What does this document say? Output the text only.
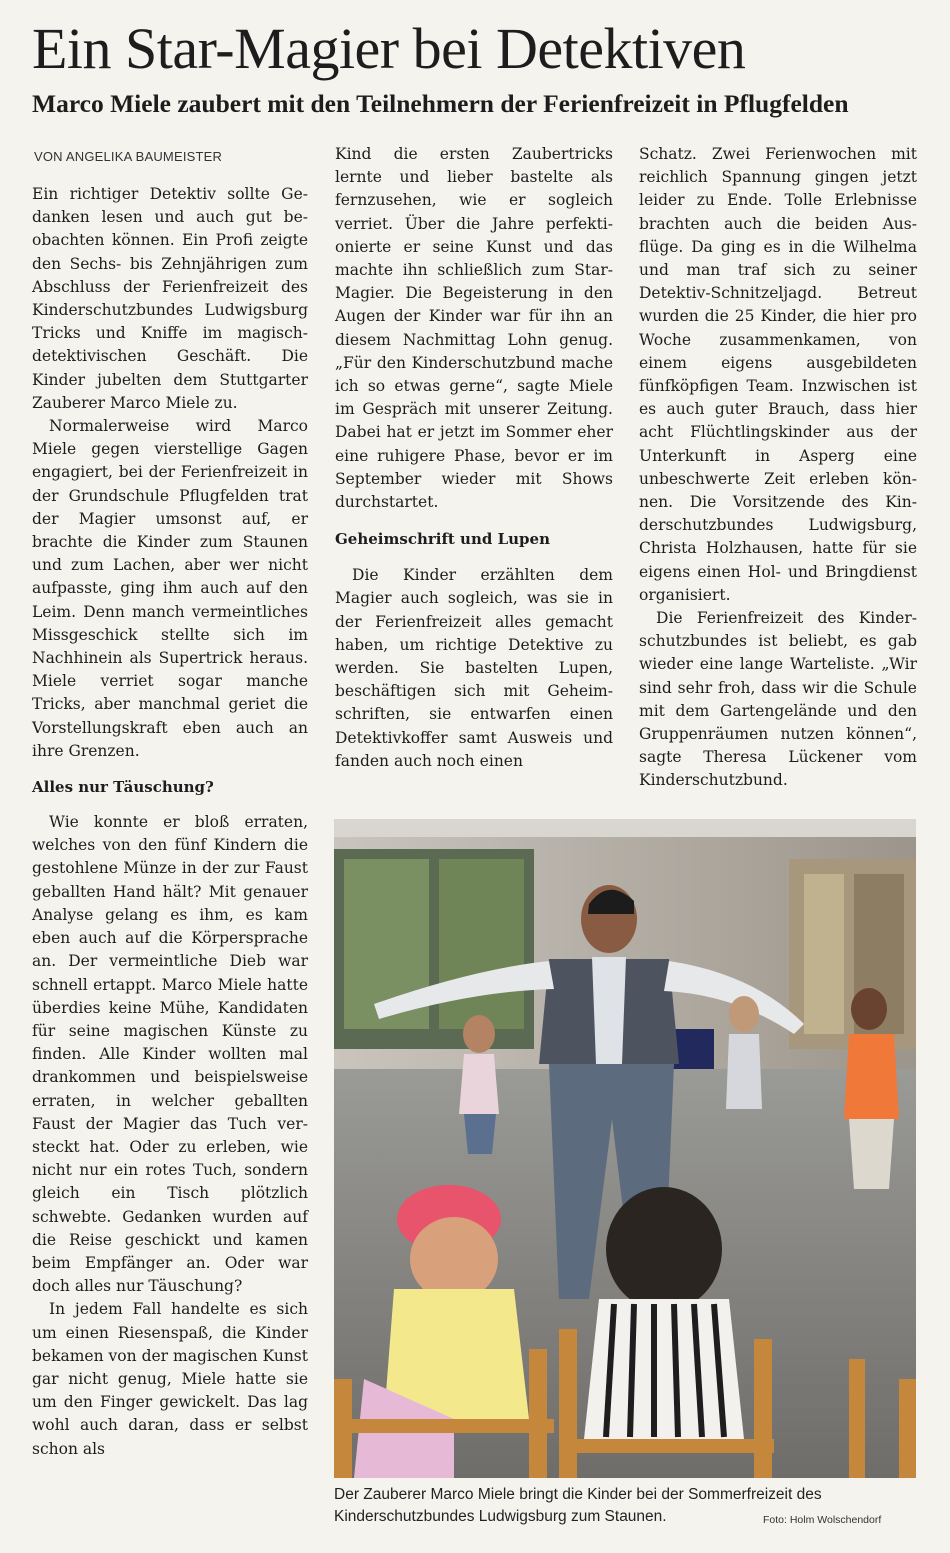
Ein Star-Magier bei Detektiven
Marco Miele zaubert mit den Teilnehmern der Ferienfreizeit in Pflugfelden
VON ANGELIKA BAUMEISTER

Ein richtiger Detektiv sollte Gedanken lesen und auch gut beobachten können. Ein Profi zeigte den Sechs- bis Zehnjährigen zum Abschluss der Ferienfreizeit des Kinderschutzbundes Ludwigsburg Tricks und Kniffe im magisch-detektivischen Geschäft. Die Kinder jubelten dem Stuttgarter Zauberer Marco Miele zu.

Normalerweise wird Marco Miele gegen vierstellige Gagen engagiert, bei der Ferienfreizeit in der Grundschule Pflugfelden trat der Magier umsonst auf, er brachte die Kinder zum Staunen und zum Lachen, aber wer nicht aufpasste, ging ihm auch auf den Leim. Denn manch vermeintliches Missgeschick stellte sich im Nachhinein als Supertrick heraus. Miele verriet sogar manche Tricks, aber manchmal geriet die Vorstellungskraft eben auch an ihre Grenzen.

Alles nur Täuschung?

Wie konnte er bloß erraten, welches von den fünf Kindern die gestohlene Münze in der zur Faust geballten Hand hält? Mit genauer Analyse gelang es ihm, es kam eben auch auf die Körpersprache an. Der vermeintliche Dieb war schnell ertappt. Marco Miele hatte überdies keine Mühe, Kandidaten für seine magischen Künste zu finden. Alle Kinder wollten mal drankommen und beispielsweise erraten, in welcher geballten Faust der Magier das Tuch versteckt hat. Oder zu erleben, wie nicht nur ein rotes Tuch, sondern gleich ein Tisch plötzlich schwebte. Gedanken wurden auf die Reise geschickt und kamen beim Empfänger an. Oder war doch alles nur Täuschung?

In jedem Fall handelte es sich um einen Riesenspaß, die Kinder bekamen von der magischen Kunst gar nicht genug, Miele hatte sie um den Finger gewickelt. Das lag wohl auch daran, dass er selbst schon als

Kind die ersten Zaubertricks lernte und lieber bastelte als fernzusehen, wie er sogleich verriet. Über die Jahre perfektionierte er seine Kunst und das machte ihn schließlich zum Star-Magier. Die Begeisterung in den Augen der Kinder war für ihn an diesem Nachmittag Lohn genug. „Für den Kinderschutzbund mache ich so etwas gerne“, sagte Miele im Gespräch mit unserer Zeitung. Dabei hat er jetzt im Sommer eher eine ruhigere Phase, bevor er im September wieder mit Shows durchstartet.

Geheimschrift und Lupen

Die Kinder erzählten dem Magier auch sogleich, was sie in der Ferienfreizeit alles gemacht haben, um richtige Detektive zu werden. Sie bastelten Lupen, beschäftigen sich mit Geheimschriften, sie entwarfen einen Detektivkoffer samt Ausweis und fanden auch noch einen

Schatz. Zwei Ferienwochen mit reichlich Spannung gingen jetzt leider zu Ende. Tolle Erlebnisse brachten auch die beiden Ausflüge. Da ging es in die Wilhelma und man traf sich zu seiner Detektiv-Schnitzeljagd. Betreut wurden die 25 Kinder, die hier pro Woche zusammenkamen, von einem eigens ausgebildeten fünfköpfigen Team. Inzwischen ist es auch guter Brauch, dass hier acht Flüchtlingskinder aus der Unterkunft in Asperg eine unbeschwerte Zeit erleben können. Die Vorsitzende des Kinderschutzbundes Ludwigsburg, Christa Holzhausen, hatte für sie eigens einen Hol- und Bringdienst organisiert.

Die Ferienfreizeit des Kinderschutzbundes ist beliebt, es gab wieder eine lange Warteliste. „Wir sind sehr froh, dass wir die Schule mit dem Gartengelände und den Gruppenräumen nutzen können“, sagte Theresa Lückener vom Kinderschutzbund.

Der Zauberer Marco Miele bringt die Kinder bei der Sommerfreizeit des Kinderschutzbundes Ludwigsburg zum Staunen.	Foto: Holm Wolschendorf
